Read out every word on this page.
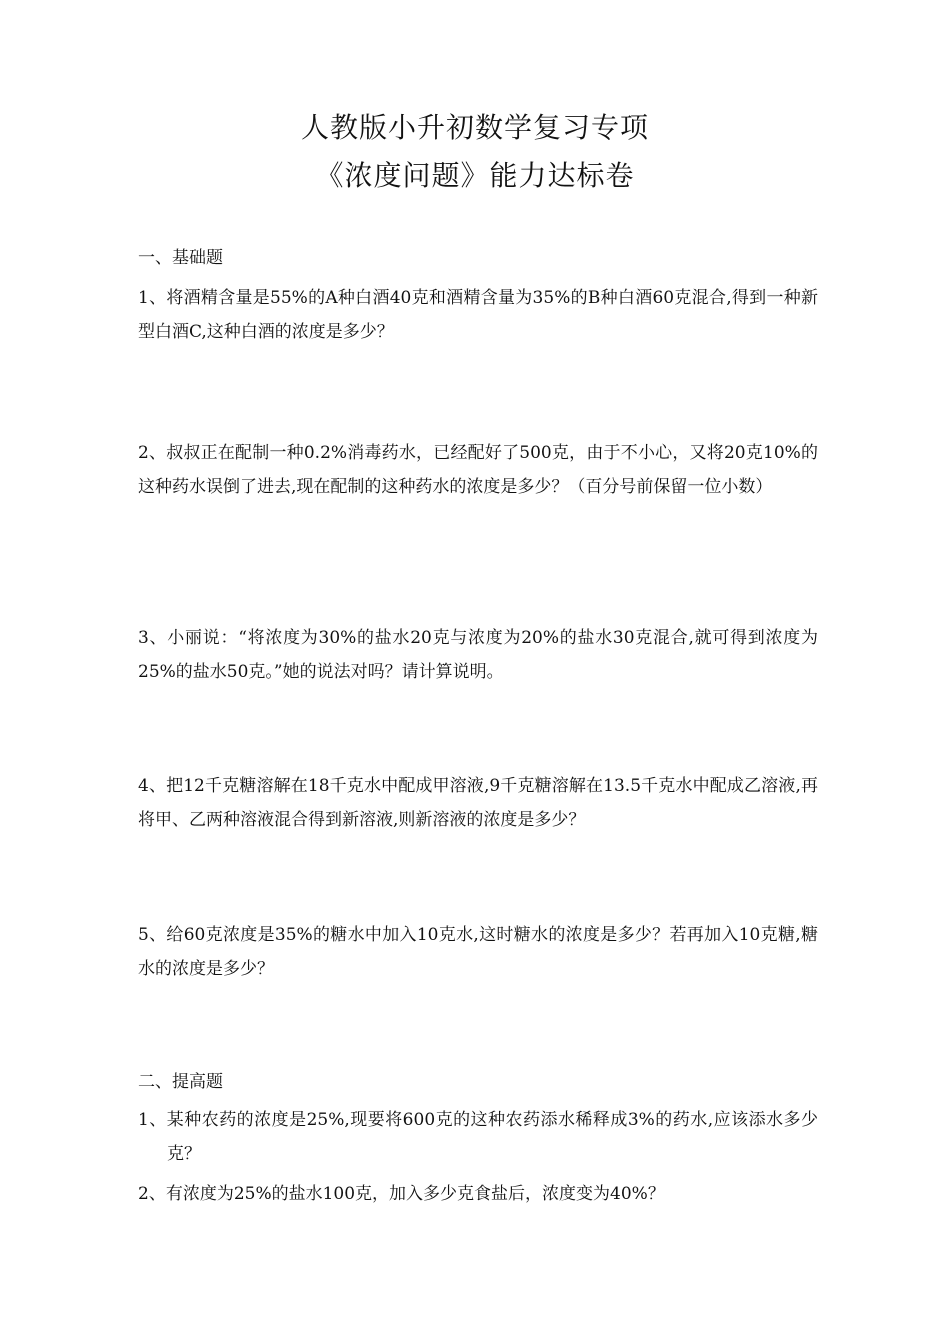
人教版小升初数学复习专项
《浓度问题》能力达标卷
一、基础题

1、将酒精含量是55%的A种白酒40克和酒精含量为35%的B种白酒60克混合,得到一种新型白酒C,这种白酒的浓度是多少？

2、叔叔正在配制一种0.2%消毒药水，已经配好了500克，由于不小心，又将20克10%的这种药水误倒了进去,现在配制的这种药水的浓度是多少？（百分号前保留一位小数）

3、小丽说：“将浓度为30%的盐水20克与浓度为20%的盐水30克混合,就可得到浓度为25%的盐水50克。”她的说法对吗？请计算说明。

4、把12千克糖溶解在18千克水中配成甲溶液,9千克糖溶解在13.5千克水中配成乙溶液,再将甲、乙两种溶液混合得到新溶液,则新溶液的浓度是多少？

5、给60克浓度是35%的糖水中加入10克水,这时糖水的浓度是多少？若再加入10克糖,糖水的浓度是多少？

二、提高题

1、某种农药的浓度是25%,现要将600克的这种农药添水稀释成3%的药水,应该添水多少克？

2、有浓度为25%的盐水100克，加入多少克食盐后，浓度变为40%？
